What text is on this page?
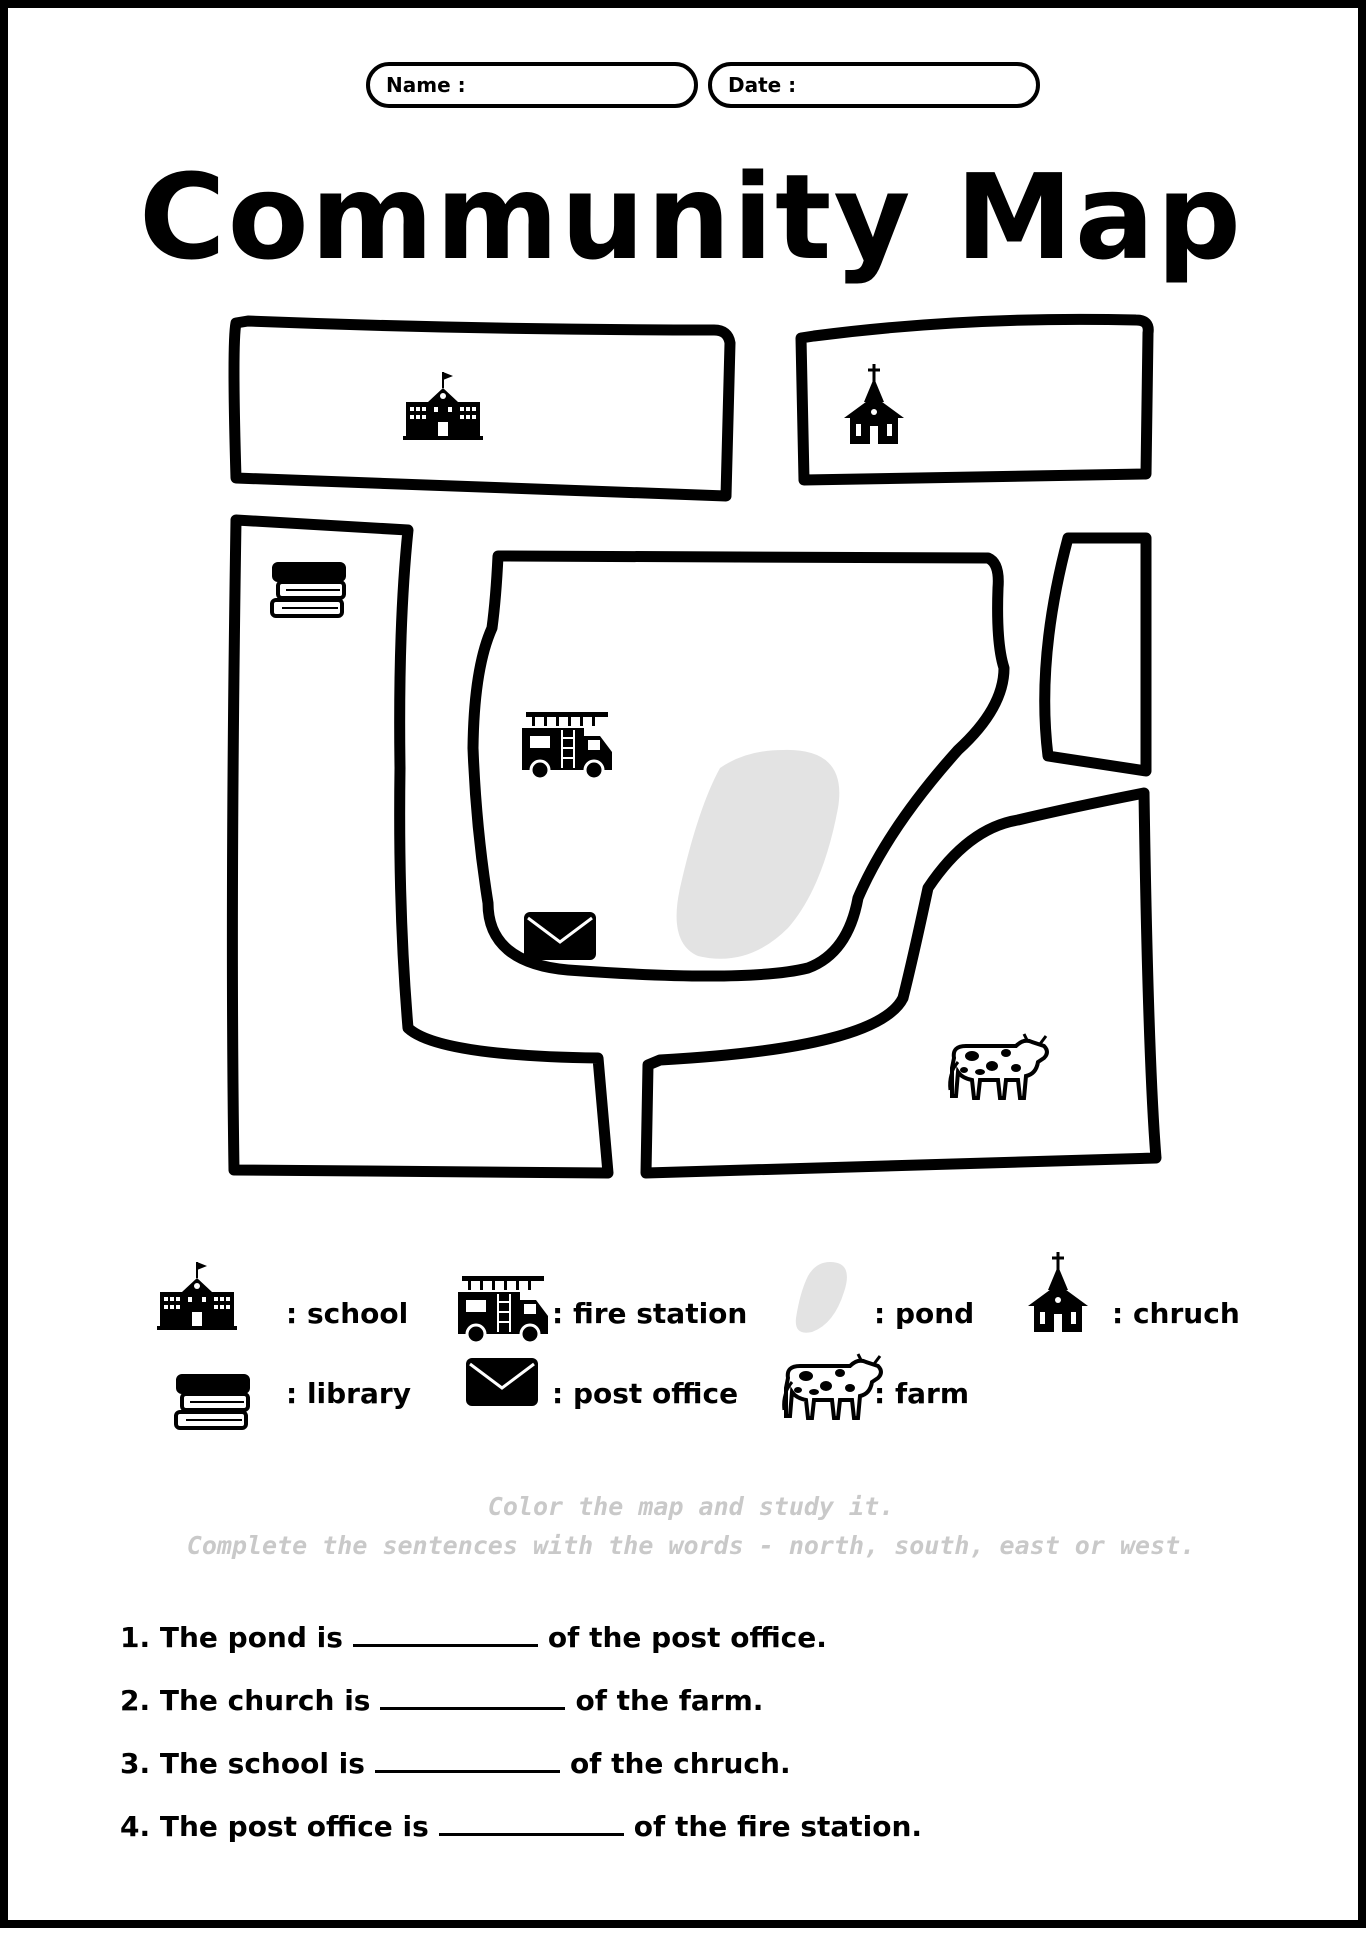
Name :	Date :
Community Map
: school	: fire station	: pond	: chruch
: library	: post office	: farm
Color the map and study it.
Complete the sentences with the words - north, south, east or west.
1. The pond is	of the post office.
2. The church is	of the farm.
3. The school is	of the chruch.
4. The post office is	of the fire station.
